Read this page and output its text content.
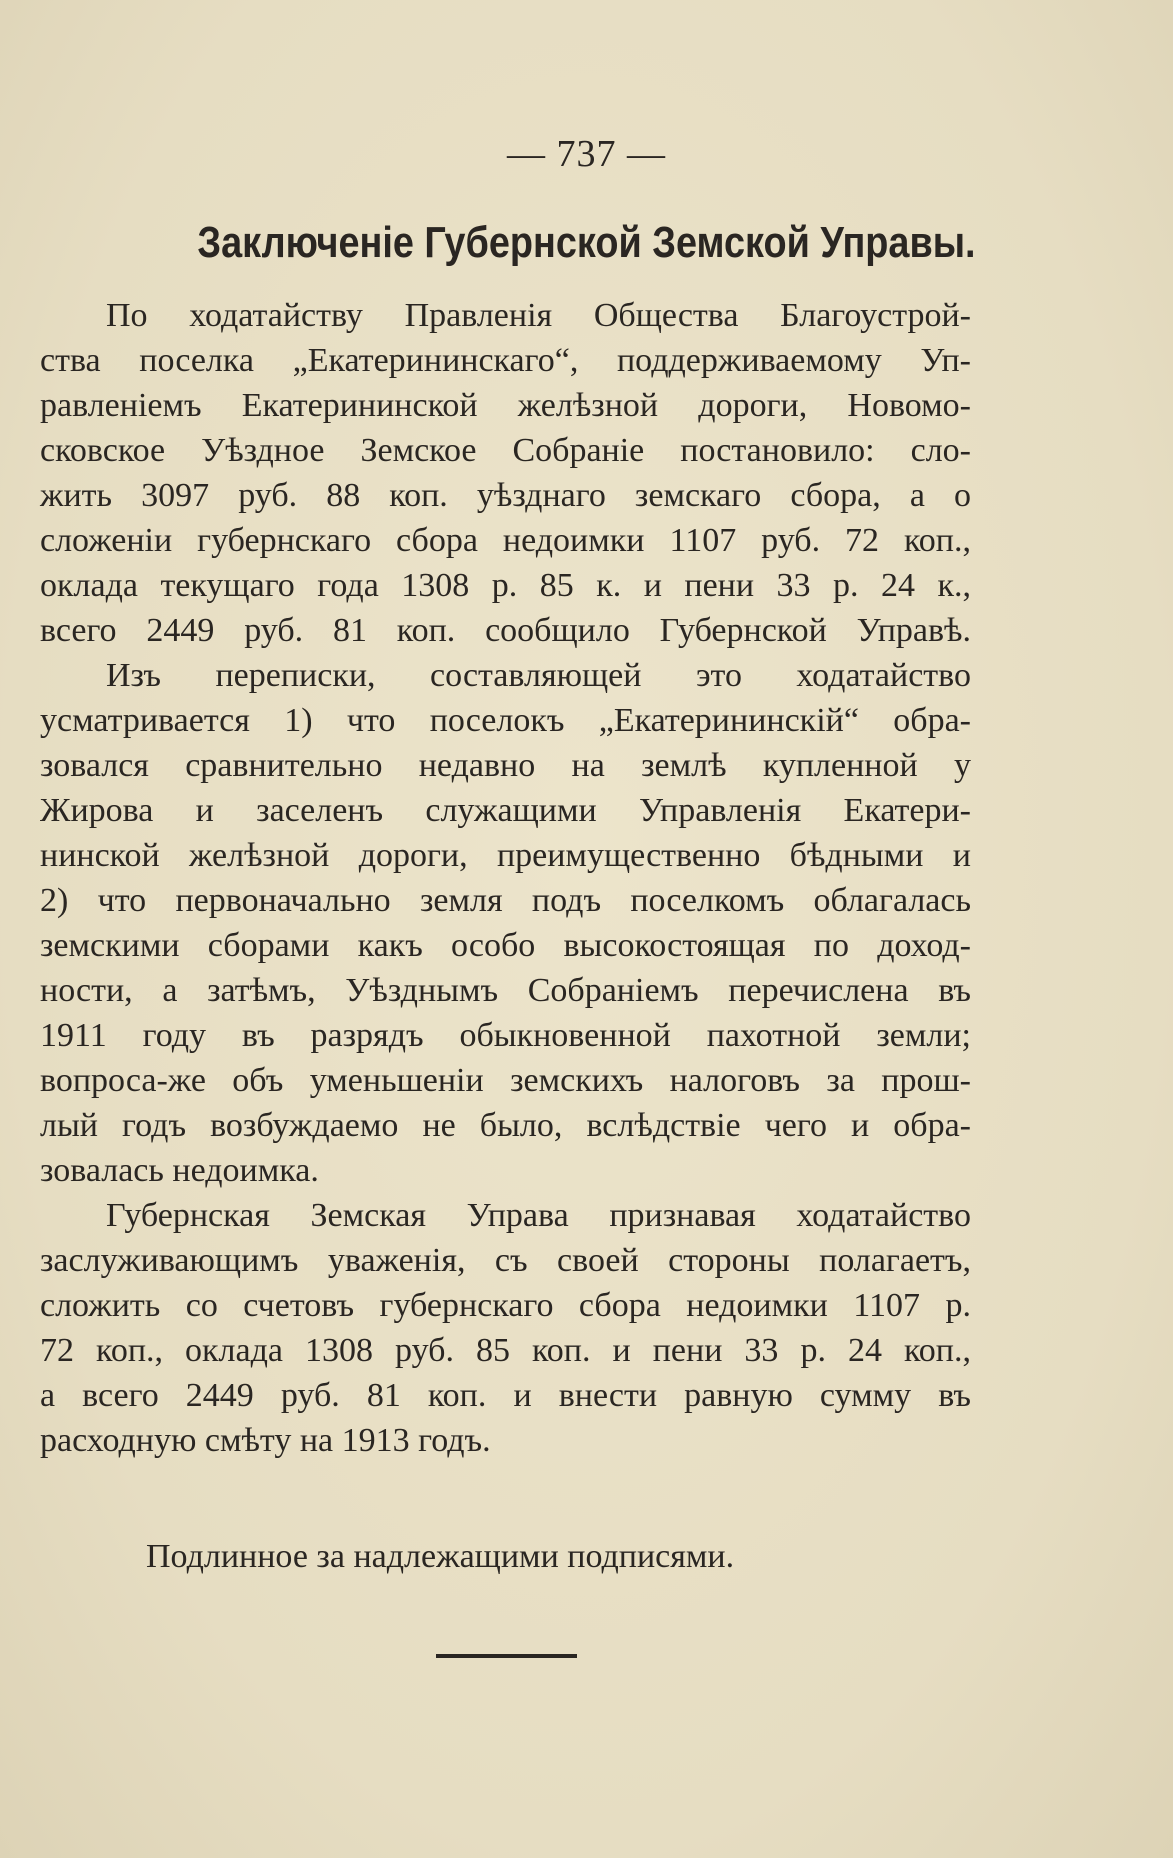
— 737 —
Заключенiе Губернской Земской Управы.
По ходатайству Правленiя Общества Благоустрой-
ства поселка „Екатерининскаго“, поддерживаемому Уп-
равленiемъ Екатерининской желѣзной дороги, Новомо-
сковское Уѣздное Земское Собранiе постановило: сло-
жить 3097 руб. 88 коп. уѣзднаго земскаго сбора, а о
сложенiи губернскаго сбора недоимки 1107 руб. 72 коп.,
оклада текущаго года 1308 р. 85 к. и пени 33 р. 24 к.,
всего 2449 руб. 81 коп. сообщило Губернской Управѣ.
Изъ переписки, составляющей это ходатайство
усматривается 1) что поселокъ „Екатерининскiй“ обра-
зовался сравнительно недавно на землѣ купленной у
Жирова и заселенъ служащими Управленiя Екатери-
нинской желѣзной дороги, преимущественно бѣдными и
2) что первоначально земля подъ поселкомъ облагалась
земскими сборами какъ особо высокостоящая по доход-
ности, а затѣмъ, Уѣзднымъ Собранiемъ перечислена въ
1911 году въ разрядъ обыкновенной пахотной земли;
вопроса-же объ уменьшенiи земскихъ налоговъ за прош-
лый годъ возбуждаемо не было, вслѣдствiе чего и обра-
зовалась недоимка.
Губернская Земская Управа признавая ходатайство
заслуживающимъ уваженiя, съ своей стороны полагаетъ,
сложить со счетовъ губернскаго сбора недоимки 1107 р.
72 коп., оклада 1308 руб. 85 коп. и пени 33 р. 24 коп.,
а всего 2449 руб. 81 коп. и внести равную сумму въ
расходную смѣту на 1913 годъ.
Подлинное за надлежащими подписями.
